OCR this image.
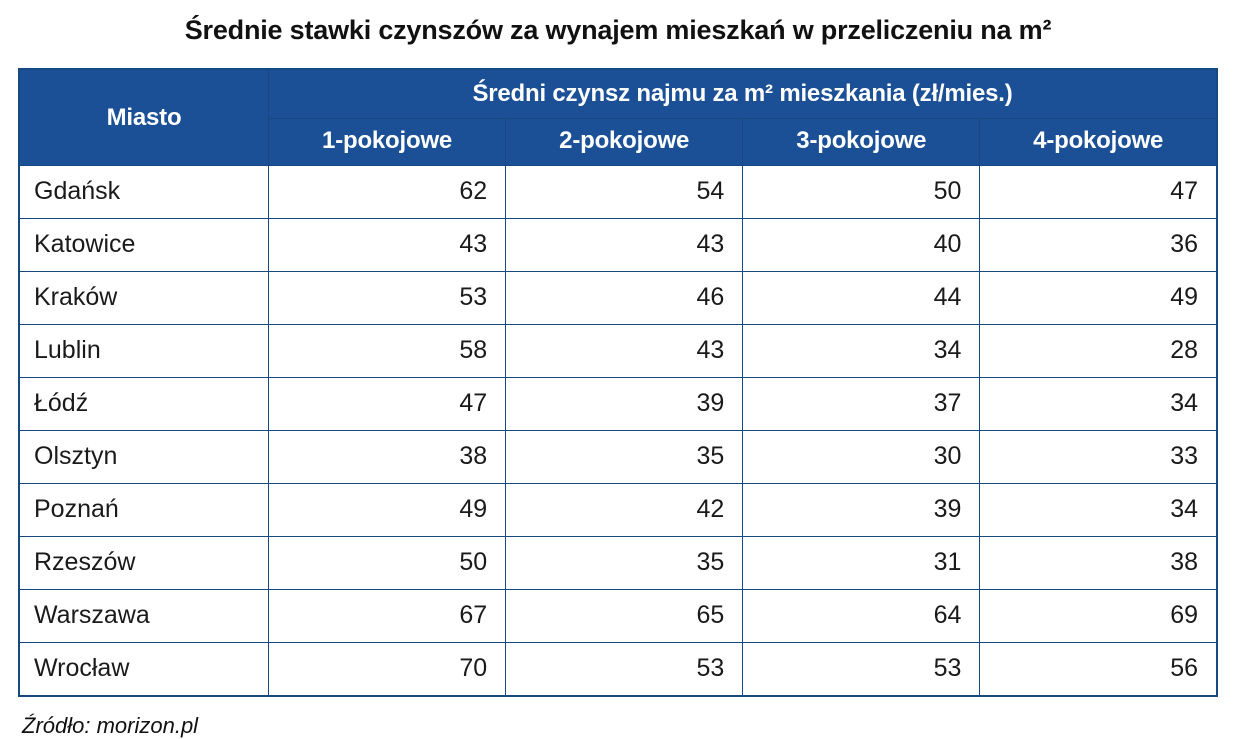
Średnie stawki czynszów za wynajem mieszkań w przeliczeniu na m²
Miasto	Średni czynsz najmu za m² mieszkania (zł/mies.)			
	1-pokojowe	2-pokojowe	3-pokojowe	4-pokojowe
Gdańsk	62	54	50	47
Katowice	43	43	40	36
Kraków	53	46	44	49
Lublin	58	43	34	28
Łódź	47	39	37	34
Olsztyn	38	35	30	33
Poznań	49	42	39	34
Rzeszów	50	35	31	38
Warszawa	67	65	64	69
Wrocław	70	53	53	56
Źródło: morizon.pl
